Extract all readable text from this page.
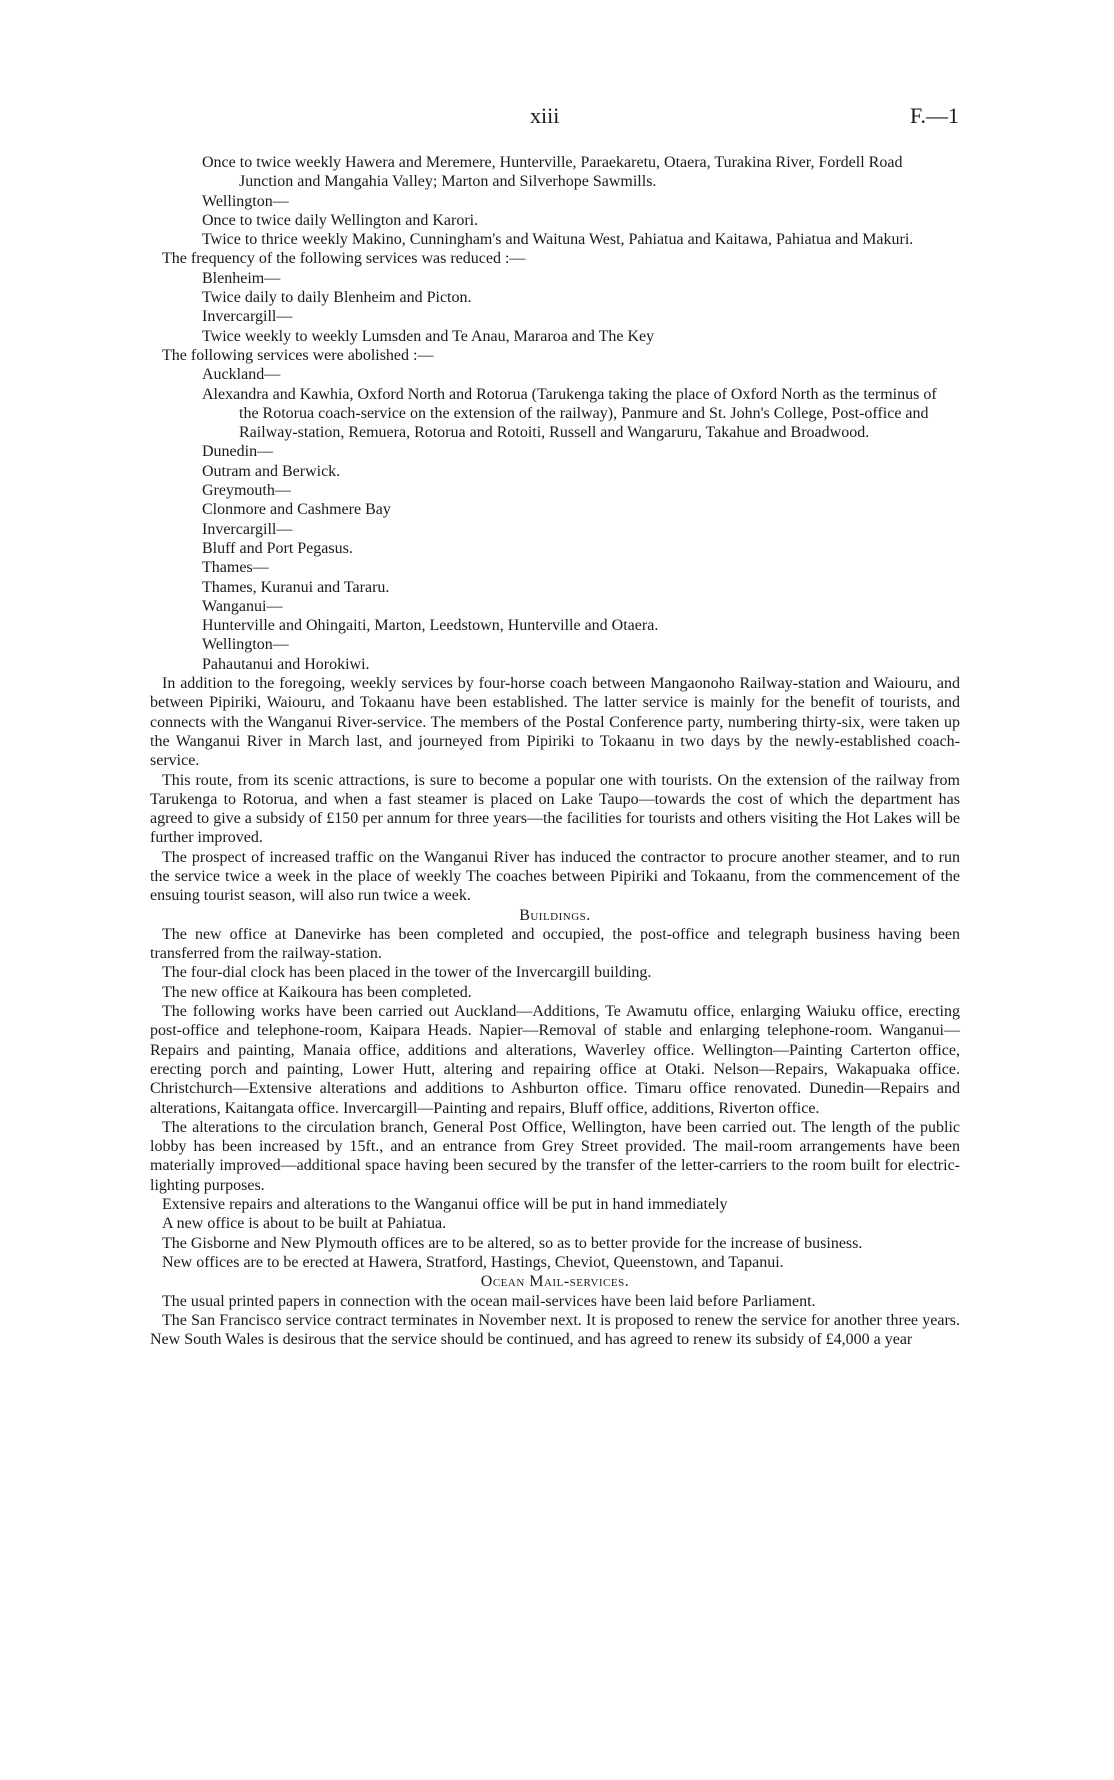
xiii	F.—1

Once to twice weekly Hawera and Meremere, Hunterville, Paraekaretu, Otaera, Turakina River, Fordell Road Junction and Mangahia Valley; Marton and Silverhope Sawmills.

Wellington—

Once to twice daily Wellington and Karori.

Twice to thrice weekly Makino, Cunningham's and Waituna West, Pahiatua and Kaitawa, Pahiatua and Makuri.

The frequency of the following services was reduced :—

Blenheim—

Twice daily to daily Blenheim and Picton.

Invercargill—

Twice weekly to weekly Lumsden and Te Anau, Mararoa and The Key

The following services were abolished :—

Auckland—

Alexandra and Kawhia, Oxford North and Rotorua (Tarukenga taking the place of Oxford North as the terminus of the Rotorua coach-service on the extension of the railway), Panmure and St. John's College, Post-office and Railway-station, Remuera, Rotorua and Rotoiti, Russell and Wangaruru, Takahue and Broadwood.

Dunedin—

Outram and Berwick.

Greymouth—

Clonmore and Cashmere Bay

Invercargill—

Bluff and Port Pegasus.

Thames—

Thames, Kuranui and Tararu.

Wanganui—

Hunterville and Ohingaiti, Marton, Leedstown, Hunterville and Otaera.

Wellington—

Pahautanui and Horokiwi.

In addition to the foregoing, weekly services by four-horse coach between Mangaonoho Railway-station and Waiouru, and between Pipiriki, Waiouru, and Tokaanu have been established. The latter service is mainly for the benefit of tourists, and connects with the Wanganui River-service. The members of the Postal Conference party, numbering thirty-six, were taken up the Wanganui River in March last, and journeyed from Pipiriki to Tokaanu in two days by the newly-established coach-service.

This route, from its scenic attractions, is sure to become a popular one with tourists. On the extension of the railway from Tarukenga to Rotorua, and when a fast steamer is placed on Lake Taupo—towards the cost of which the department has agreed to give a subsidy of £150 per annum for three years—the facilities for tourists and others visiting the Hot Lakes will be further improved.

The prospect of increased traffic on the Wanganui River has induced the contractor to procure another steamer, and to run the service twice a week in the place of weekly The coaches between Pipiriki and Tokaanu, from the commencement of the ensuing tourist season, will also run twice a week.

Buildings.

The new office at Danevirke has been completed and occupied, the post-office and telegraph business having been transferred from the railway-station.

The four-dial clock has been placed in the tower of the Invercargill building.

The new office at Kaikoura has been completed.

The following works have been carried out Auckland—Additions, Te Awamutu office, enlarging Waiuku office, erecting post-office and telephone-room, Kaipara Heads. Napier—Removal of stable and enlarging telephone-room. Wanganui—Repairs and painting, Manaia office, additions and alterations, Waverley office. Wellington—Painting Carterton office, erecting porch and painting, Lower Hutt, altering and repairing office at Otaki. Nelson—Repairs, Wakapuaka office. Christchurch—Extensive alterations and additions to Ashburton office. Timaru office renovated. Dunedin—Repairs and alterations, Kaitangata office. Invercargill—Painting and repairs, Bluff office, additions, Riverton office.

The alterations to the circulation branch, General Post Office, Wellington, have been carried out. The length of the public lobby has been increased by 15ft., and an entrance from Grey Street provided. The mail-room arrangements have been materially improved—additional space having been secured by the transfer of the letter-carriers to the room built for electric-lighting purposes.

Extensive repairs and alterations to the Wanganui office will be put in hand immediately

A new office is about to be built at Pahiatua.

The Gisborne and New Plymouth offices are to be altered, so as to better provide for the increase of business.

New offices are to be erected at Hawera, Stratford, Hastings, Cheviot, Queenstown, and Tapanui.

Ocean Mail-services.

The usual printed papers in connection with the ocean mail-services have been laid before Parliament.

The San Francisco service contract terminates in November next. It is proposed to renew the service for another three years. New South Wales is desirous that the service should be continued, and has agreed to renew its subsidy of £4,000 a year
